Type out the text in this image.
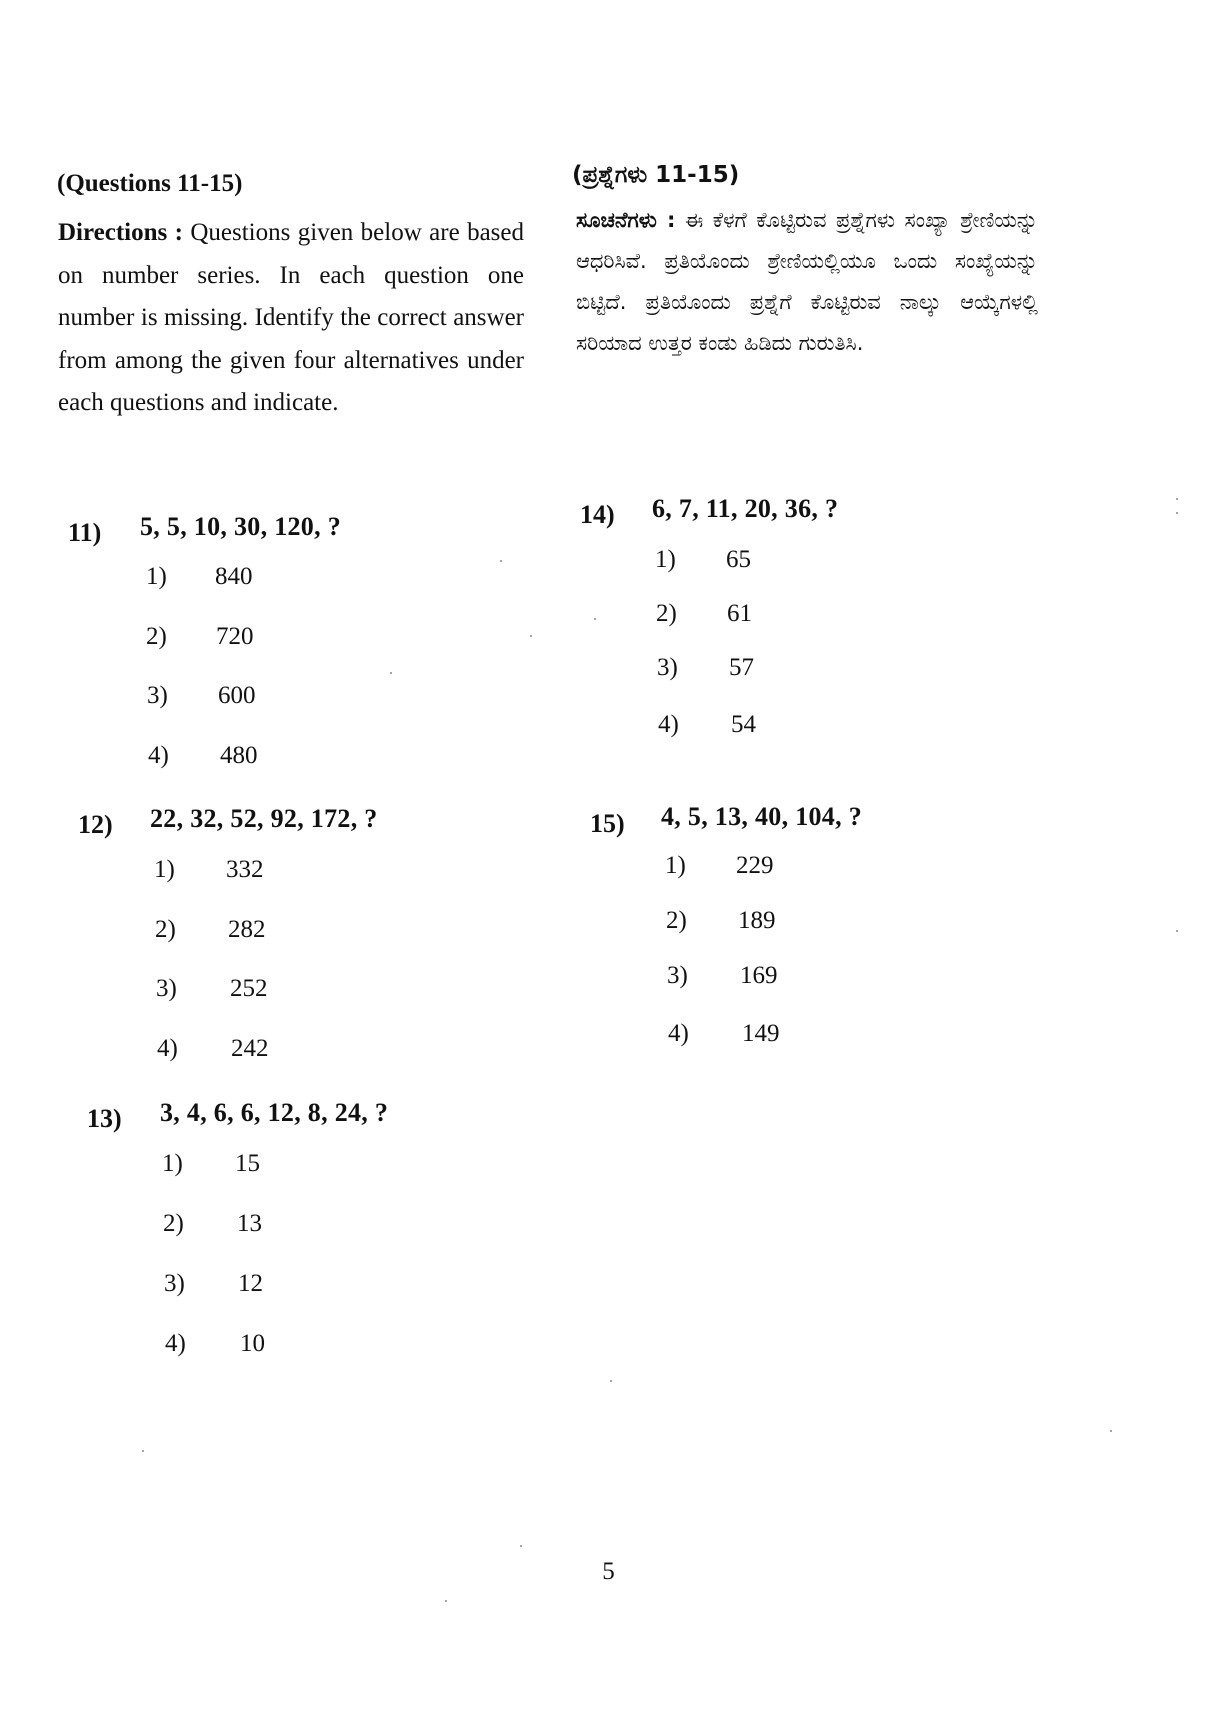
(Questions 11-15)
Directions : Questions given below are based on number series. In each question one number is missing. Identify the correct answer from among the given four alternatives under each questions and indicate.
(ಪ್ರಶ್ನೆಗಳು 11-15)
ಸೂಚನೆಗಳು : ಈ ಕೆಳಗೆ ಕೊಟ್ಟಿರುವ ಪ್ರಶ್ನೆಗಳು ಸಂಖ್ಯಾ ಶ್ರೇಣಿಯನ್ನು ಆಧರಿಸಿವೆ. ಪ್ರತಿಯೊಂದು ಶ್ರೇಣಿಯಲ್ಲಿಯೂ ಒಂದು ಸಂಖ್ಯೆಯನ್ನು ಬಿಟ್ಟಿದೆ. ಪ್ರತಿಯೊಂದು ಪ್ರಶ್ನೆಗೆ ಕೊಟ್ಟಿರುವ ನಾಲ್ಕು ಆಯ್ಕೆಗಳಲ್ಲಿ ಸರಿಯಾದ ಉತ್ತರ ಕಂಡು ಹಿಡಿದು ಗುರುತಿಸಿ.
11) 5, 5, 10, 30, 120, ?
1) 840
2) 720
3) 600
4) 480
12) 22, 32, 52, 92, 172, ?
1) 332
2) 282
3) 252
4) 242
13) 3, 4, 6, 6, 12, 8, 24, ?
1) 15
2) 13
3) 12
4) 10
14) 6, 7, 11, 20, 36, ?
1) 65
2) 61
3) 57
4) 54
15) 4, 5, 13, 40, 104, ?
1) 229
2) 189
3) 169
4) 149
5
